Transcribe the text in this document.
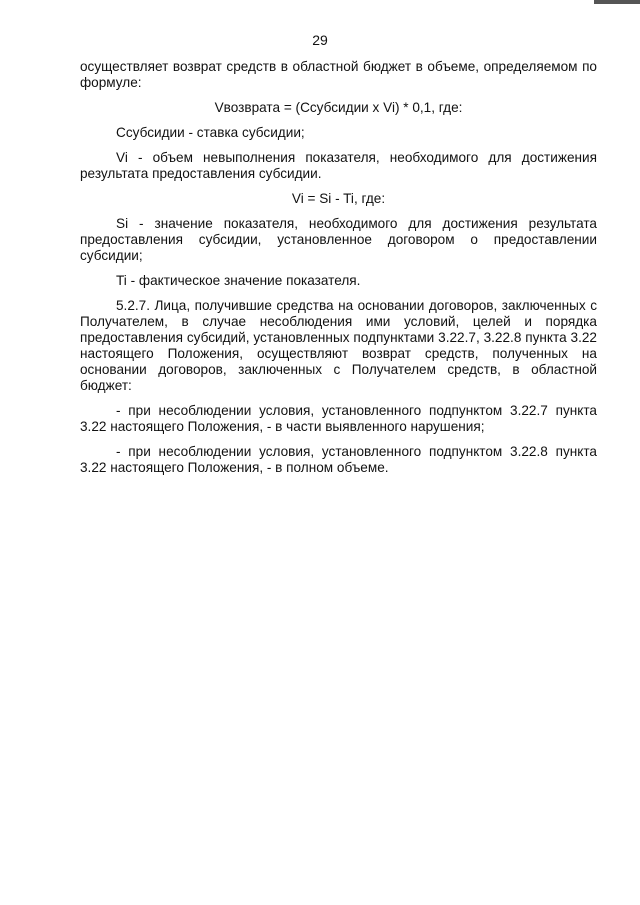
29

осуществляет возврат средств в областной бюджет в объеме, определяемом по формуле:

Vвозврата = (Сcубсидии x Vi) * 0,1, где:

Ссубсидии - ставка субсидии;

Vi - объем невыполнения показателя, необходимого для достижения результата предоставления субсидии.

Vi = Si - Ti, где:

Si - значение показателя, необходимого для достижения результата предоставления субсидии, установленное договором о предоставлении субсидии;

Ti - фактическое значение показателя.

5.2.7. Лица, получившие средства на основании договоров, заключенных с Получателем, в случае несоблюдения ими условий, целей и порядка предоставления субсидий, установленных подпунктами 3.22.7, 3.22.8 пункта 3.22 настоящего Положения, осуществляют возврат средств, полученных на основании договоров, заключенных с Получателем средств, в областной бюджет:

- при несоблюдении условия, установленного подпунктом 3.22.7 пункта 3.22 настоящего Положения, - в части выявленного нарушения;

- при несоблюдении условия, установленного подпунктом 3.22.8 пункта 3.22 настоящего Положения, - в полном объеме.
